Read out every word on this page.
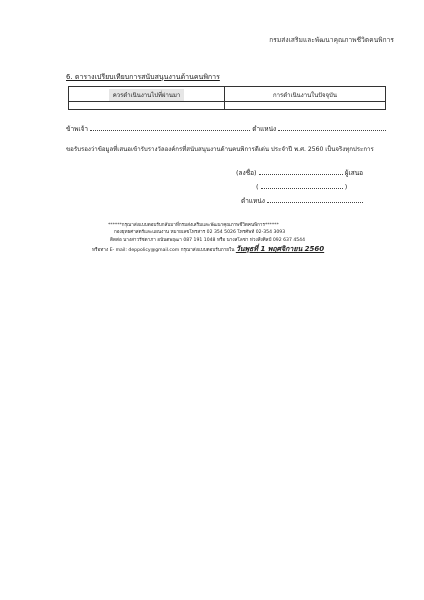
กรมส่งเสริมและพัฒนาคุณภาพชีวิตคนพิการ
6. ตารางเปรียบเทียบการสนับสนุนงานด้านคนพิการ
ควรดำเนินงานไปที่ผ่านมา	การดำเนินงานในปัจจุบัน
ข้าพเจ้า	ตำแหน่ง
ขอรับรองว่าข้อมูลที่เสนอเข้ารับรางวัลองค์กรที่สนับสนุนงานด้านคนพิการดีเด่น ประจำปี พ.ศ. 2560 เป็นจริงทุกประการ
(ลงชื่อ)	ผู้เสนอ
(	)
ตำแหน่ง
******กรุณาส่งแบบตอบรับกลับมาที่กรมส่งเสริมและพัฒนาคุณภาพชีวิตคนพิการ******
กองยุทธศาสตร์และแผนงาน หมายเลขโทรสาร 02 354 5026 โทรศัพท์ 02-354 3093
ติดต่อ นางสาวรัชดาภา อนันตพฤฒา 087 191 1048 หรือ นางสโลชา ห่วงสีงศิลป์ 092 637 4544
หรือทาง E- mail: deppolicy@gmail.com กรุณาส่งแบบตอบรับภายใน วันพุธที่ 1 พฤศจิกายน 2560
